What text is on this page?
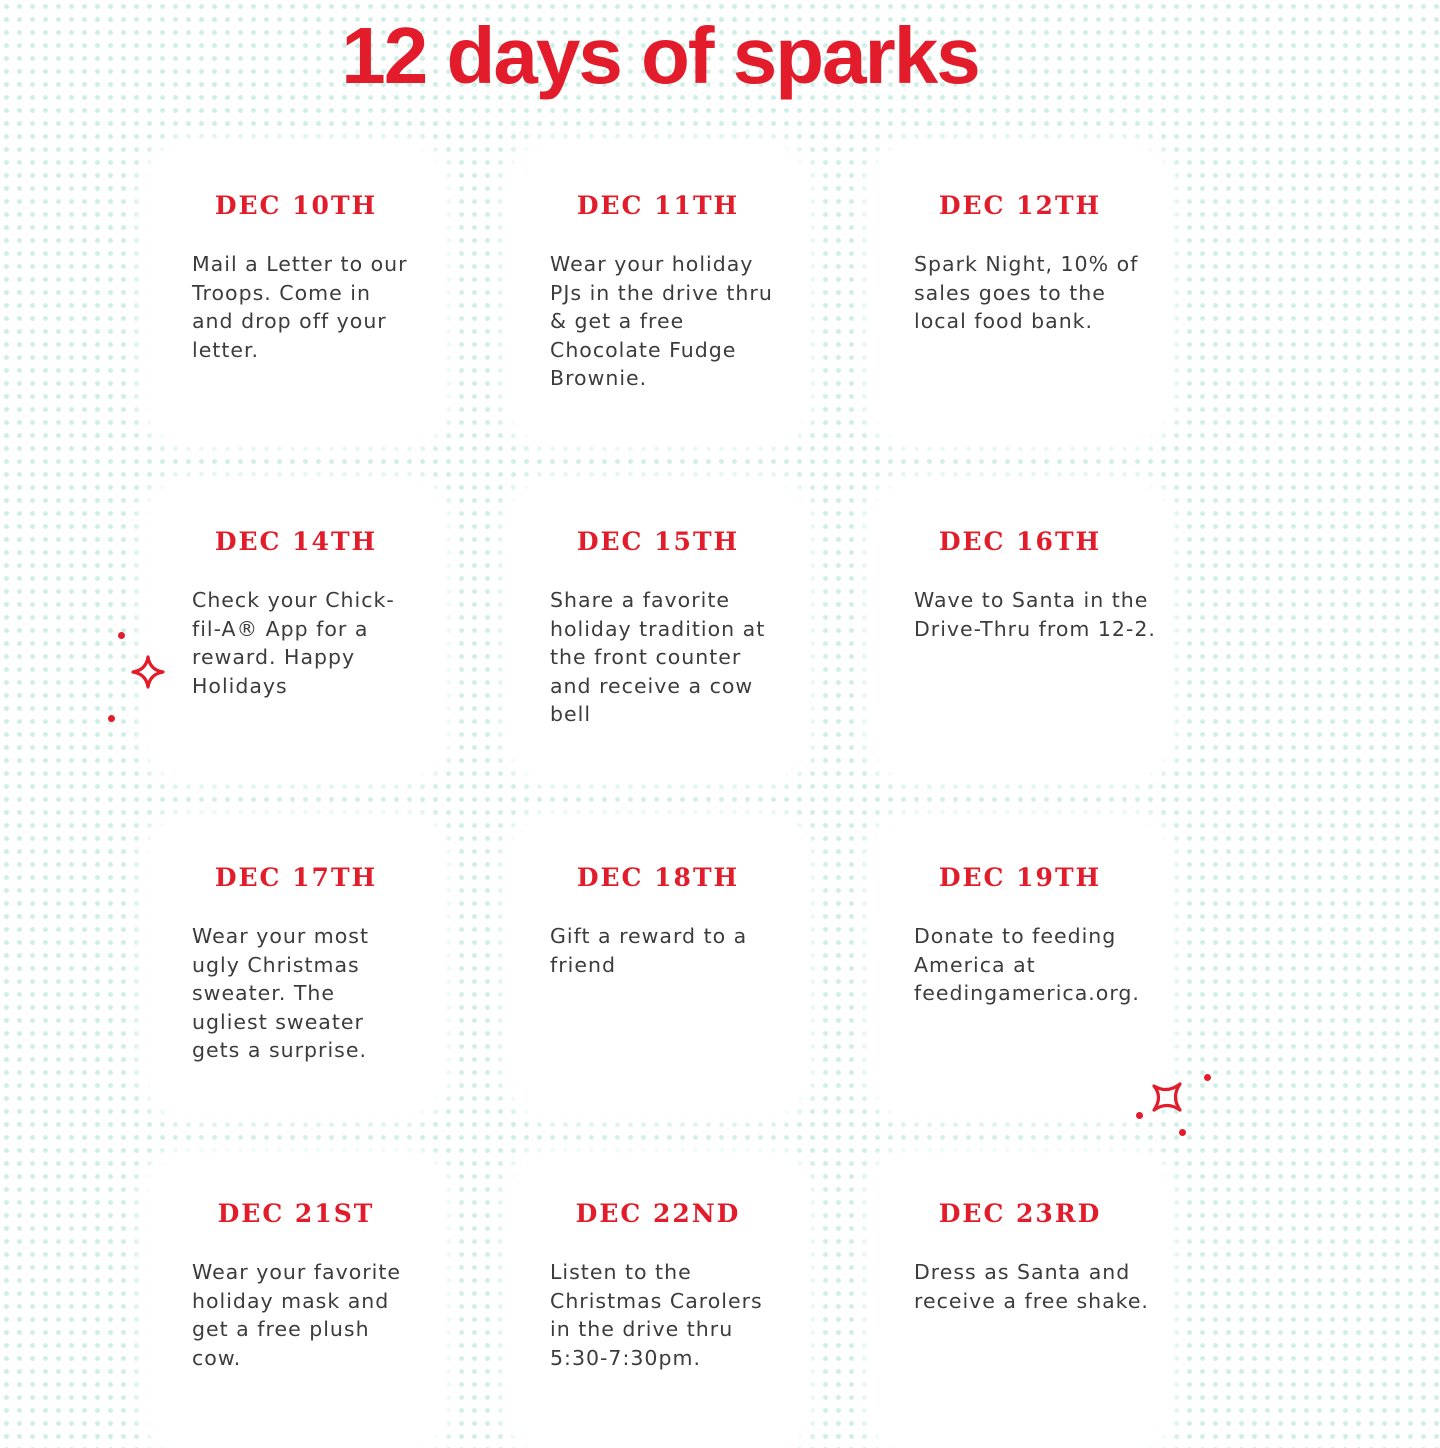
12 days of sparks
DEC 10TH
Mail a Letter to our Troops. Come in and drop off your letter.
DEC 11TH
Wear your holiday PJs in the drive thru & get a free Chocolate Fudge Brownie.
DEC 12TH
Spark Night, 10% of sales goes to the local food bank.
DEC 14TH
Check your Chick-fil-A® App for a reward. Happy Holidays
DEC 15TH
Share a favorite holiday tradition at the front counter and receive a cow bell
DEC 16TH
Wave to Santa in the Drive-Thru from 12-2.
DEC 17TH
Wear your most ugly Christmas sweater. The ugliest sweater gets a surprise.
DEC 18TH
Gift a reward to a friend
DEC 19TH
Donate to feeding America at feedingamerica.org.
DEC 21ST
Wear your favorite holiday mask and get a free plush cow.
DEC 22ND
Listen to the Christmas Carolers in the drive thru 5:30-7:30pm.
DEC 23RD
Dress as Santa and receive a free shake.
